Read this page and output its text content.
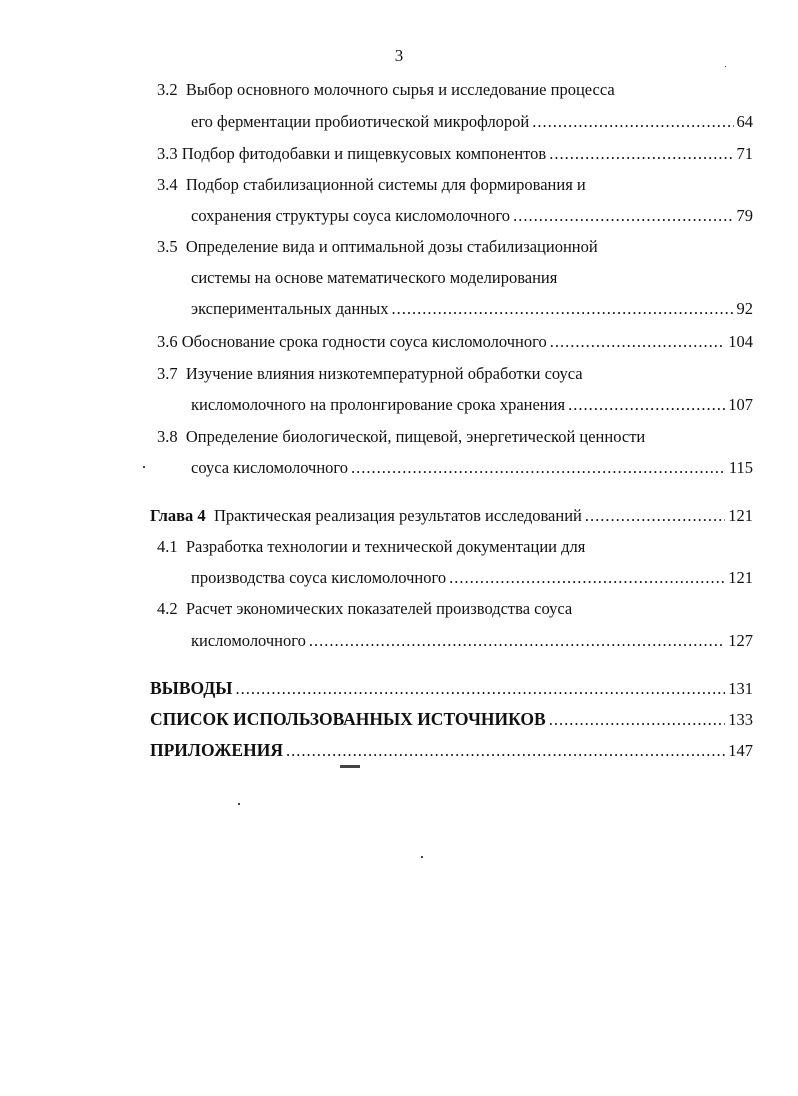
3
3.2 Выбор основного молочного сырья и исследование процесса
его ферментации пробиотической микрофлорой .....	64
3.3
Подбор фитодобавки и пищевкусовых компонентов .....	71
3.4 Подбор стабилизационной системы для формирования и
сохранения структуры соуса кисломолочного .....	79
3.5 Определение вида и оптимальной дозы стабилизационной
системы на основе математического моделирования
экспериментальных данных .....	92
3.6
Обоснование срока годности соуса кисломолочного .....	104
3.7 Изучение влияния низкотемпературной обработки соуса
кисломолочного на пролонгирование срока хранения .....	107
3.8 Определение биологической, пищевой, энергетической ценности
соуса кисломолочного .....	115
Глава 4
Практическая реализация результатов исследований .....	121
4.1 Разработка технологии и технической документации для
производства соуса кисломолочного .....	121
4.2 Расчет экономических показателей производства соуса
кисломолочного .....	127
ВЫВОДЫ .....	131
СПИСОК ИСПОЛЬЗОВАННЫХ ИСТОЧНИКОВ .....	133
ПРИЛОЖЕНИЯ .....	147
